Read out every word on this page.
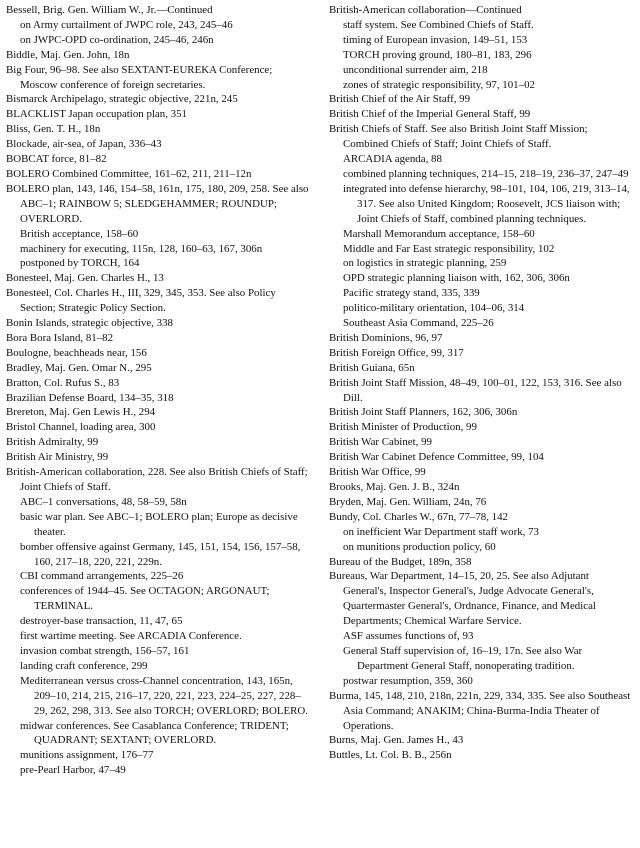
Bessell, Brig. Gen. William W., Jr.—Continued
on Army curtailment of JWPC role, 243, 245–46
on JWPC-OPD co-ordination, 245–46, 246n
Biddle, Maj. Gen. John, 18n
Big Four, 96–98. See also SEXTANT-EUREKA Conference; Moscow conference of foreign secretaries.
Bismarck Archipelago, strategic objective, 221n, 245
BLACKLIST Japan occupation plan, 351
Bliss, Gen. T. H., 18n
Blockade, air-sea, of Japan, 336–43
BOBCAT force, 81–82
BOLERO Combined Committee, 161–62, 211, 211–12n
BOLERO plan, 143, 146, 154–58, 161n, 175, 180, 209, 258. See also ABC–1; RAINBOW 5; SLEDGEHAMMER; ROUNDUP; OVERLORD.
British acceptance, 158–60
machinery for executing, 115n, 128, 160–63, 167, 306n
postponed by TORCH, 164
Bonesteel, Maj. Gen. Charles H., 13
Bonesteel, Col. Charles H., III, 329, 345, 353. See also Policy Section; Strategic Policy Section.
Bonin Islands, strategic objective, 338
Bora Bora Island, 81–82
Boulogne, beachheads near, 156
Bradley, Maj. Gen. Omar N., 295
Bratton, Col. Rufus S., 83
Brazilian Defense Board, 134–35, 318
Brereton, Maj. Gen Lewis H., 294
Bristol Channel, loading area, 300
British Admiralty, 99
British Air Ministry, 99
British-American collaboration, 228. See also British Chiefs of Staff; Joint Chiefs of Staff.
ABC–1 conversations, 48, 58–59, 58n
basic war plan. See ABC–1; BOLERO plan; Europe as decisive theater.
bomber offensive against Germany, 145, 151, 154, 156, 157–58, 160, 217–18, 220, 221, 229n.
CBI command arrangements, 225–26
conferences of 1944–45. See OCTAGON; ARGONAUT; TERMINAL.
destroyer-base transaction, 11, 47, 65
first wartime meeting. See ARCADIA Conference.
invasion combat strength, 156–57, 161
landing craft conference, 299
Mediterranean versus cross-Channel concentration, 143, 165n, 209–10, 214, 215, 216–17, 220, 221, 223, 224–25, 227, 228–29, 262, 298, 313. See also TORCH; OVERLORD; BOLERO.
midwar conferences. See Casablanca Conference; TRIDENT; QUADRANT; SEXTANT; OVERLORD.
munitions assignment, 176–77
pre-Pearl Harbor, 47–49
British-American collaboration—Continued
staff system. See Combined Chiefs of Staff.
timing of European invasion, 149–51, 153
TORCH proving ground, 180–81, 183, 296
unconditional surrender aim, 218
zones of strategic responsibility, 97, 101–02
British Chief of the Air Staff, 99
British Chief of the Imperial General Staff, 99
British Chiefs of Staff. See also British Joint Staff Mission; Combined Chiefs of Staff; Joint Chiefs of Staff.
ARCADIA agenda, 88
combined planning techniques, 214–15, 218–19, 236–37, 247–49
integrated into defense hierarchy, 98–101, 104, 106, 219, 313–14, 317. See also United Kingdom; Roosevelt, JCS liaison with; Joint Chiefs of Staff, combined planning techniques.
Marshall Memorandum acceptance, 158–60
Middle and Far East strategic responsibility, 102
on logistics in strategic planning, 259
OPD strategic planning liaison with, 162, 306, 306n
Pacific strategy stand, 335, 339
politico-military orientation, 104–06, 314
Southeast Asia Command, 225–26
British Dominions, 96, 97
British Foreign Office, 99, 317
British Guiana, 65n
British Joint Staff Mission, 48–49, 100–01, 122, 153, 316. See also Dill.
British Joint Staff Planners, 162, 306, 306n
British Minister of Production, 99
British War Cabinet, 99
British War Cabinet Defence Committee, 99, 104
British War Office, 99
Brooks, Maj. Gen. J. B., 324n
Bryden, Maj. Gen. William, 24n, 76
Bundy, Col. Charles W., 67n, 77–78, 142
on inefficient War Department staff work, 73
on munitions production policy, 60
Bureau of the Budget, 189n, 358
Bureaus, War Department, 14–15, 20, 25. See also Adjutant General's, Inspector General's, Judge Advocate General's, Quartermaster General's, Ordnance, Finance, and Medical Departments; Chemical Warfare Service.
ASF assumes functions of, 93
General Staff supervision of, 16–19, 17n. See also War Department General Staff, nonoperating tradition.
postwar resumption, 359, 360
Burma, 145, 148, 210, 218n, 221n, 229, 334, 335. See also Southeast Asia Command; ANAKIM; China-Burma-India Theater of Operations.
Burns, Maj. Gen. James H., 43
Buttles, Lt. Col. B. B., 256n
